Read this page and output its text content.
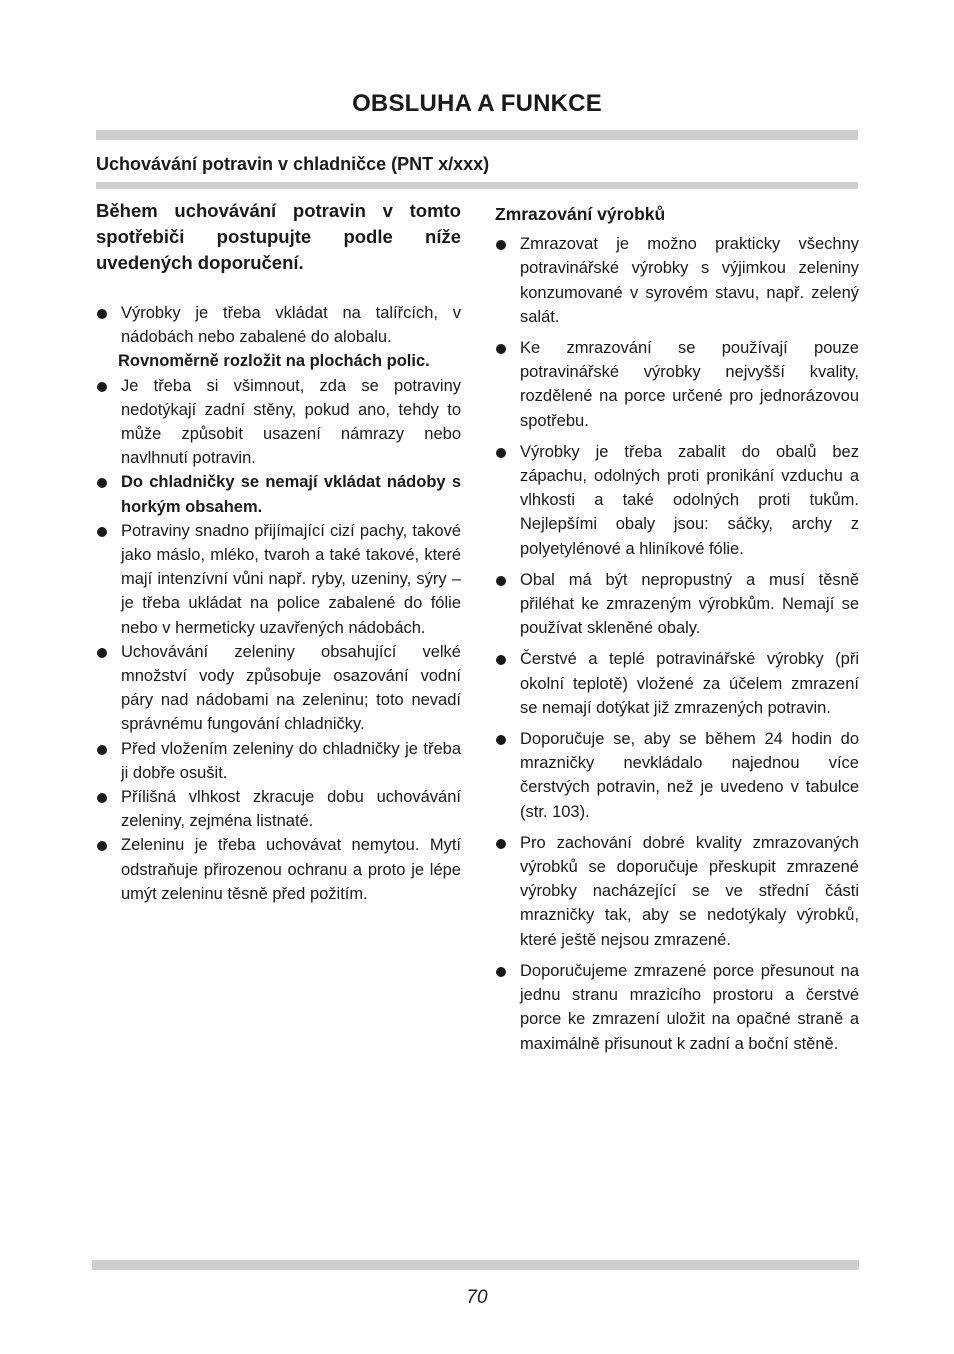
OBSLUHA A FUNKCE
Uchovávání potravin v chladničce (PNT x/xxx)

Během uchovávání potravin v tomto spotřebiči postupujte podle níže uvedených doporučení.

Výrobky je třeba vkládat na talířcích, v nádobách nebo zabalené do alobalu.
Rovnoměrně rozložit na plochách polic.
Je třeba si všimnout, zda se potraviny nedotýkají zadní stěny, pokud ano, tehdy to může způsobit usazení námrazy nebo navlhnutí potravin.
Do chladničky se nemají vkládat nádoby s horkým obsahem.
Potraviny snadno přijímající cizí pachy, takové jako máslo, mléko, tvaroh a také takové, které mají intenzívní vůni např. ryby, uzeniny, sýry – je třeba ukládat na police zabalené do fólie nebo v hermeticky uzavřených nádobách.
Uchovávání zeleniny obsahující velké množství vody způsobuje osazování vodní páry nad nádobami na zeleninu; toto nevadí správnému fungování chladničky.
Před vložením zeleniny do chladničky je třeba ji dobře osušit.
Přílišná vlhkost zkracuje dobu uchovávání zeleniny, zejména listnaté.
Zeleninu je třeba uchovávat nemytou. Mytí odstraňuje přirozenou ochranu a proto je lépe umýt zeleninu těsně před požitím.
Zmrazování výrobků
Zmrazovat je možno prakticky všechny potravinářské výrobky s výjimkou zeleniny konzumované v syrovém stavu, např. zelený salát.
Ke zmrazování se používají pouze potravinářské výrobky nejvyšší kvality, rozdělené na porce určené pro jednorázovou spotřebu.
Výrobky je třeba zabalit do obalů bez zápachu, odolných proti pronikání vzduchu a vlhkosti a také odolných proti tukům. Nejlepšími obaly jsou: sáčky, archy z polyetylénové a hliníkové fólie.
Obal má být nepropustný a musí těsně přiléhat ke zmrazeným výrobkům. Nemají se používat skleněné obaly.
Čerstvé a teplé potravinářské výrobky (při okolní teplotě) vložené za účelem zmrazení se nemají dotýkat již zmrazených potravin.
Doporučuje se, aby se během 24 hodin do mrazničky nevkládalo najednou více čerstvých potravin, než je uvedeno v tabulce (str. 103).
Pro zachování dobré kvality zmrazovaných výrobků se doporučuje přeskupit zmrazené výrobky nacházející se ve střední části mrazničky tak, aby se nedotýkaly výrobků, které ještě nejsou zmrazené.
Doporučujeme zmrazené porce přesunout na jednu stranu mrazicího prostoru a čerstvé porce ke zmrazení uložit na opačné straně a maximálně přisunout k zadní a boční stěně.
70
